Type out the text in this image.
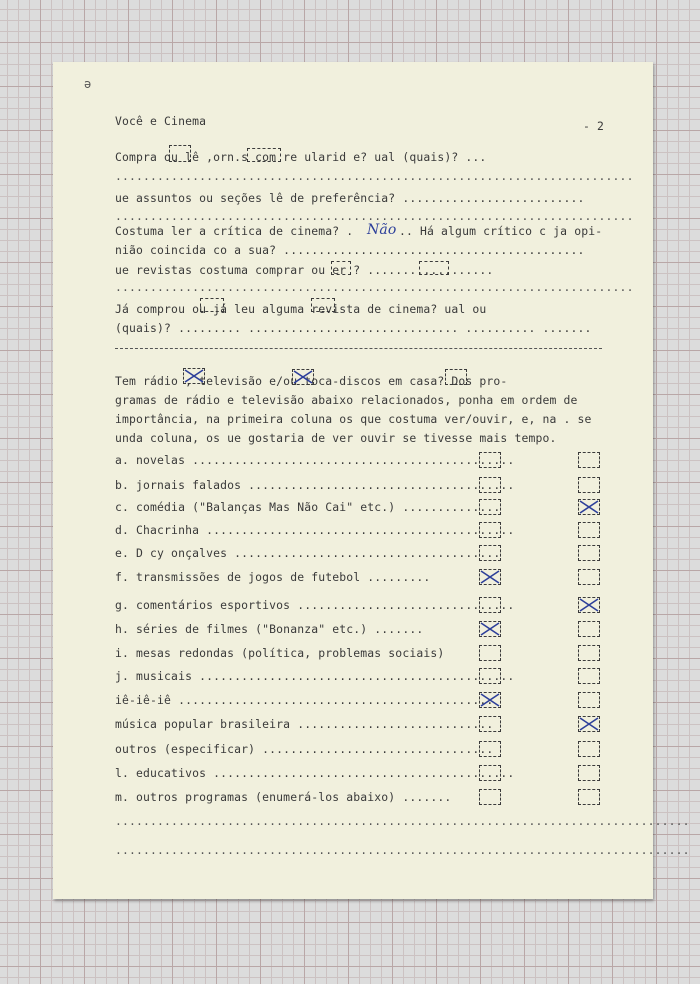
ə
Você e Cinema	- 2
Compra ou lê ,orn.s com re ularid e? ual (quais)? ...
..........................................................................
ue assuntos ou seções lê de preferência? ..........................
..........................................................................
Costuma ler a crítica de cinema? . Não .. Há algum crítico c ja opi-
nião coincida co a sua? ...........................................
ue revistas costuma comprar ou er ? ..................
..........................................................................
Já comprou ou já leu alguma revista de cinema? ual ou
(quais)? ......... .............................. .......... .......
Tem rádio , televisão e/ou toca-discos em casa? Dos pro-
gramas de rádio e televisão abaixo relacionados, ponha em ordem de
importância, na primeira coluna os que costuma ver/ouvir, e, na . se
unda coluna, os ue gostaria de ver ouvir se tivesse mais tempo.
a. novelas ..............................................
b. jornais falados ......................................
c. comédia ("Balanças Mas Não Cai" etc.) ..............
d. Chacrinha ............................................
e. D cy onçalves ......................................
f. transmissões de jogos de futebol .........
g. comentários esportivos ...............................
h. séries de filmes ("Bonanza" etc.) .......
i. mesas redondas (política, problemas sociais)
j. musicais .............................................
iê-iê-iê .............................................
música popular brasileira ............................
outros (especificar) .................................
l. educativos ...........................................
m. outros programas (enumerá-los abaixo) .......
..................................................................................
..................................................................................
